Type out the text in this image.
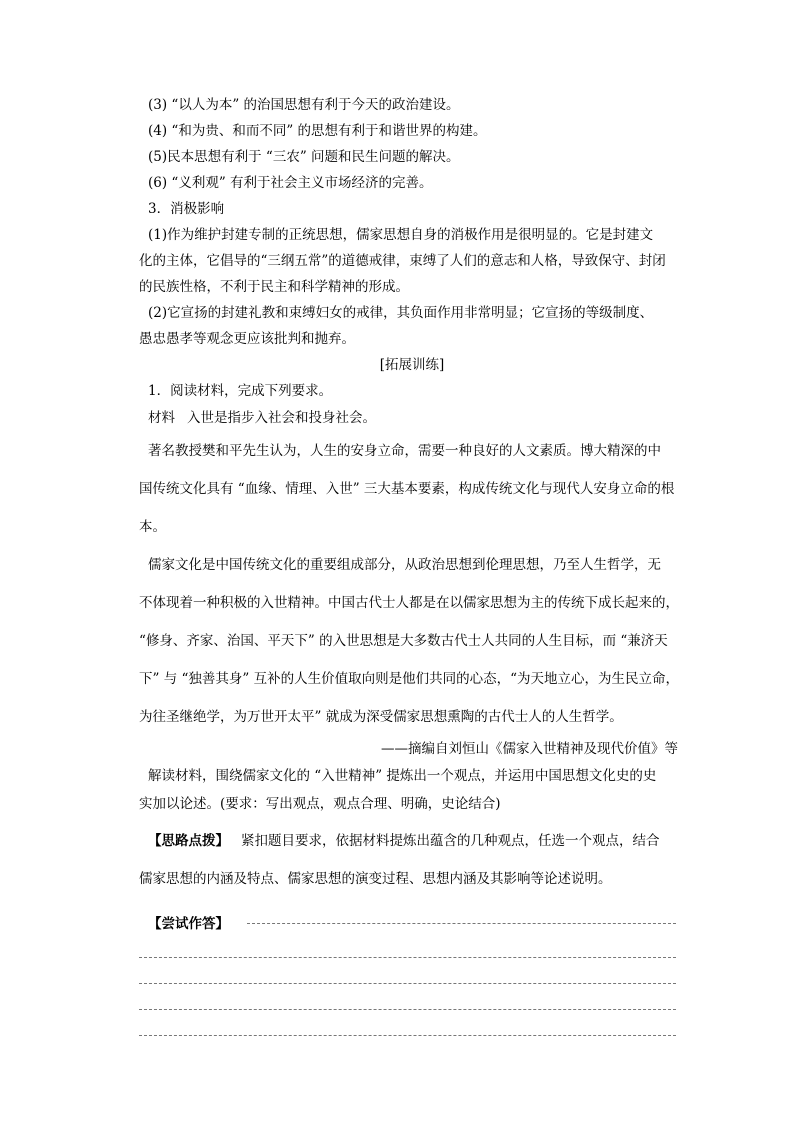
(3) “以人为本” 的治国思想有利于今天的政治建设。
(4) “和为贵、和而不同” 的思想有利于和谐世界的构建。
(5)民本思想有利于 “三农” 问题和民生问题的解决。
(6) “义利观” 有利于社会主义市场经济的完善。
3．消极影响
(1)作为维护封建专制的正统思想，儒家思想自身的消极作用是很明显的。它是封建文
化的主体，它倡导的“三纲五常”的道德戒律，束缚了人们的意志和人格，导致保守、封闭
的民族性格，不利于民主和科学精神的形成。
(2)它宣扬的封建礼教和束缚妇女的戒律，其负面作用非常明显；它宣扬的等级制度、
愚忠愚孝等观念更应该批判和抛弃。
[拓展训练]
1．阅读材料，完成下列要求。
材料 入世是指步入社会和投身社会。
著名教授樊和平先生认为，人生的安身立命，需要一种良好的人文素质。博大精深的中
国传统文化具有 “血缘、情理、入世” 三大基本要素，构成传统文化与现代人安身立命的根
本。
儒家文化是中国传统文化的重要组成部分，从政治思想到伦理思想，乃至人生哲学，无
不体现着一种积极的入世精神。中国古代士人都是在以儒家思想为主的传统下成长起来的，
“修身、齐家、治国、平天下” 的入世思想是大多数古代士人共同的人生目标，而 “兼济天
下” 与 “独善其身” 互补的人生价值取向则是他们共同的心态，“为天地立心，为生民立命，
为往圣继绝学，为万世开太平” 就成为深受儒家思想熏陶的古代士人的人生哲学。
——摘编自刘恒山《儒家入世精神及现代价值》等
解读材料，围绕儒家文化的 “入世精神” 提炼出一个观点，并运用中国思想文化史的史
实加以论述。(要求：写出观点，观点合理、明确，史论结合)
【思路点拨】 紧扣题目要求，依据材料提炼出蕴含的几种观点，任选一个观点，结合
儒家思想的内涵及特点、儒家思想的演变过程、思想内涵及其影响等论述说明。
【尝试作答】
